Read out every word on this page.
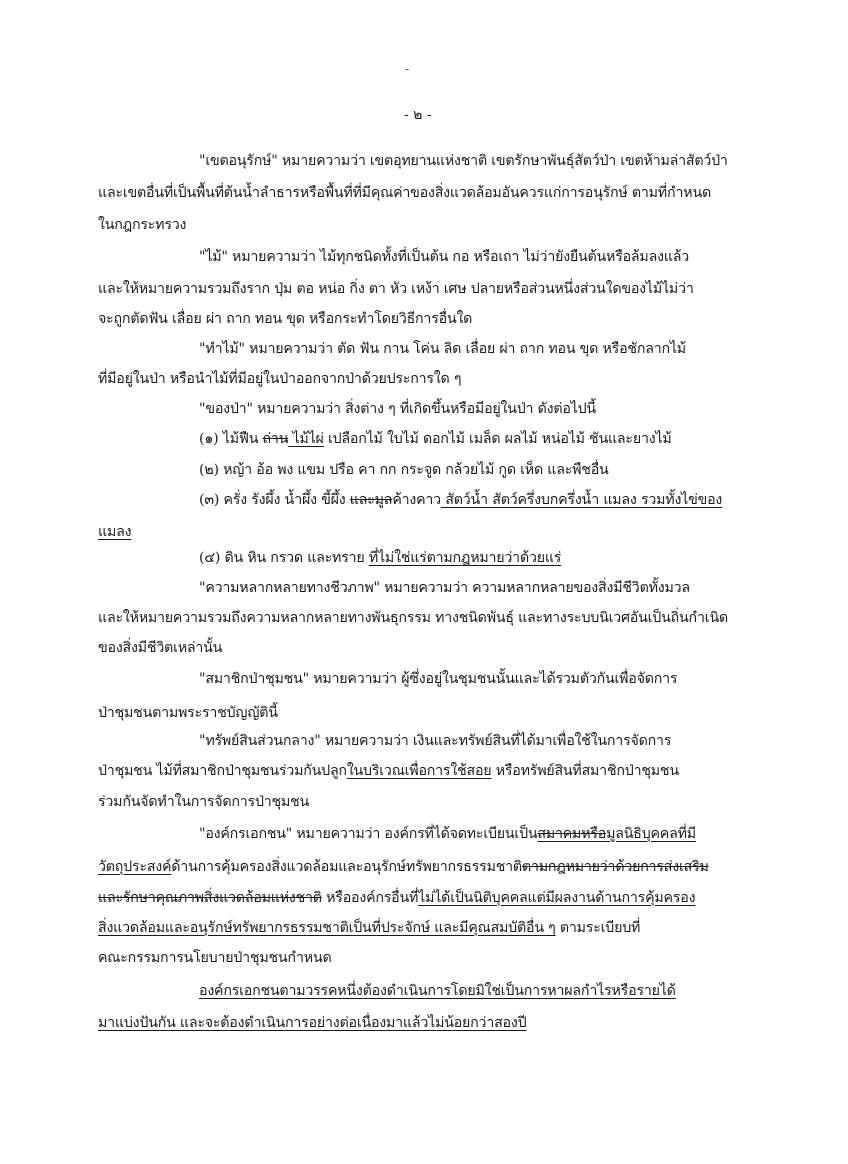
-
- ๒ -
"เขตอนุรักษ์" หมายความว่า เขตอุทยานแห่งชาติ เขตรักษาพันธุ์สัตว์ป่า เขตห้ามล่าสัตว์ป่า
และเขตอื่นที่เป็นพื้นที่ต้นน้ำลำธารหรือพื้นที่ที่มีคุณค่าของสิ่งแวดล้อมอันควรแก่การอนุรักษ์ ตามที่กำหนด
ในกฎกระทรวง
"ไม้" หมายความว่า ไม้ทุกชนิดทั้งที่เป็นต้น กอ หรือเถา ไม่ว่ายังยืนต้นหรือล้มลงแล้ว
และให้หมายความรวมถึงราก ปุ่ม ตอ หน่อ กิ่ง ตา หัว เหง้า เศษ ปลายหรือส่วนหนึ่งส่วนใดของไม้ไม่ว่า
จะถูกตัดฟัน เลื่อย ผ่า ถาก ทอน ขุด หรือกระทำโดยวิธีการอื่นใด
"ทำไม้" หมายความว่า ตัด ฟัน กาน โค่น ลิด เลื่อย ผ่า ถาก ทอน ขุด หรือชักลากไม้
ที่มีอยู่ในป่า หรือนำไม้ที่มีอยู่ในป่าออกจากป่าด้วยประการใด ๆ
"ของป่า" หมายความว่า สิ่งต่าง ๆ ที่เกิดขึ้นหรือมีอยู่ในป่า ดังต่อไปนี้
(๑) ไม้ฟืน ถ่าน ไม้ไผ่ เปลือกไม้ ใบไม้ ดอกไม้ เมล็ด ผลไม้ หน่อไม้ ชันและยางไม้
(๒) หญ้า อ้อ พง แขม ปรือ คา กก กระจูด กล้วยไม้ กูด เห็ด และพืชอื่น
(๓) ครั่ง รังผึ้ง น้ำผึ้ง ขี้ผึ้ง และมูลค้างคาว สัตว์น้ำ สัตว์ครึ่งบกครึ่งน้ำ แมลง รวมทั้งไข่ของ
แมลง
(๔) ดิน หิน กรวด และทราย ที่ไม่ใช่แร่ตามกฎหมายว่าด้วยแร่
"ความหลากหลายทางชีวภาพ" หมายความว่า ความหลากหลายของสิ่งมีชีวิตทั้งมวล
และให้หมายความรวมถึงความหลากหลายทางพันธุกรรม ทางชนิดพันธุ์ และทางระบบนิเวศอันเป็นถิ่นกำเนิด
ของสิ่งมีชีวิตเหล่านั้น
"สมาชิกป่าชุมชน" หมายความว่า ผู้ซึ่งอยู่ในชุมชนนั้นและได้รวมตัวกันเพื่อจัดการ
ป่าชุมชนตามพระราชบัญญัตินี้
"ทรัพย์สินส่วนกลาง" หมายความว่า เงินและทรัพย์สินที่ได้มาเพื่อใช้ในการจัดการ
ป่าชุมชน ไม้ที่สมาชิกป่าชุมชนร่วมกันปลูกในบริเวณเพื่อการใช้สอย หรือทรัพย์สินที่สมาชิกป่าชุมชน
ร่วมกันจัดทำในการจัดการป่าชุมชน
"องค์กรเอกชน" หมายความว่า องค์กรที่ได้จดทะเบียนเป็นสมาคมหรือมูลนิธิบุคคลที่มี
วัตถุประสงค์ด้านการคุ้มครองสิ่งแวดล้อมและอนุรักษ์ทรัพยากรธรรมชาติตามกฎหมายว่าด้วยการส่งเสริม
และรักษาคุณภาพสิ่งแวดล้อมแห่งชาติ หรือองค์กรอื่นที่ไม่ได้เป็นนิติบุคคลแต่มีผลงานด้านการคุ้มครอง
สิ่งแวดล้อมและอนุรักษ์ทรัพยากรธรรมชาติเป็นที่ประจักษ์ และมีคุณสมบัติอื่น ๆ ตามระเบียบที่
คณะกรรมการนโยบายป่าชุมชนกำหนด
องค์กรเอกชนตามวรรคหนึ่งต้องดำเนินการโดยมิใช่เป็นการหาผลกำไรหรือรายได้
มาแบ่งปันกัน และจะต้องดำเนินการอย่างต่อเนื่องมาแล้วไม่น้อยกว่าสองปี
